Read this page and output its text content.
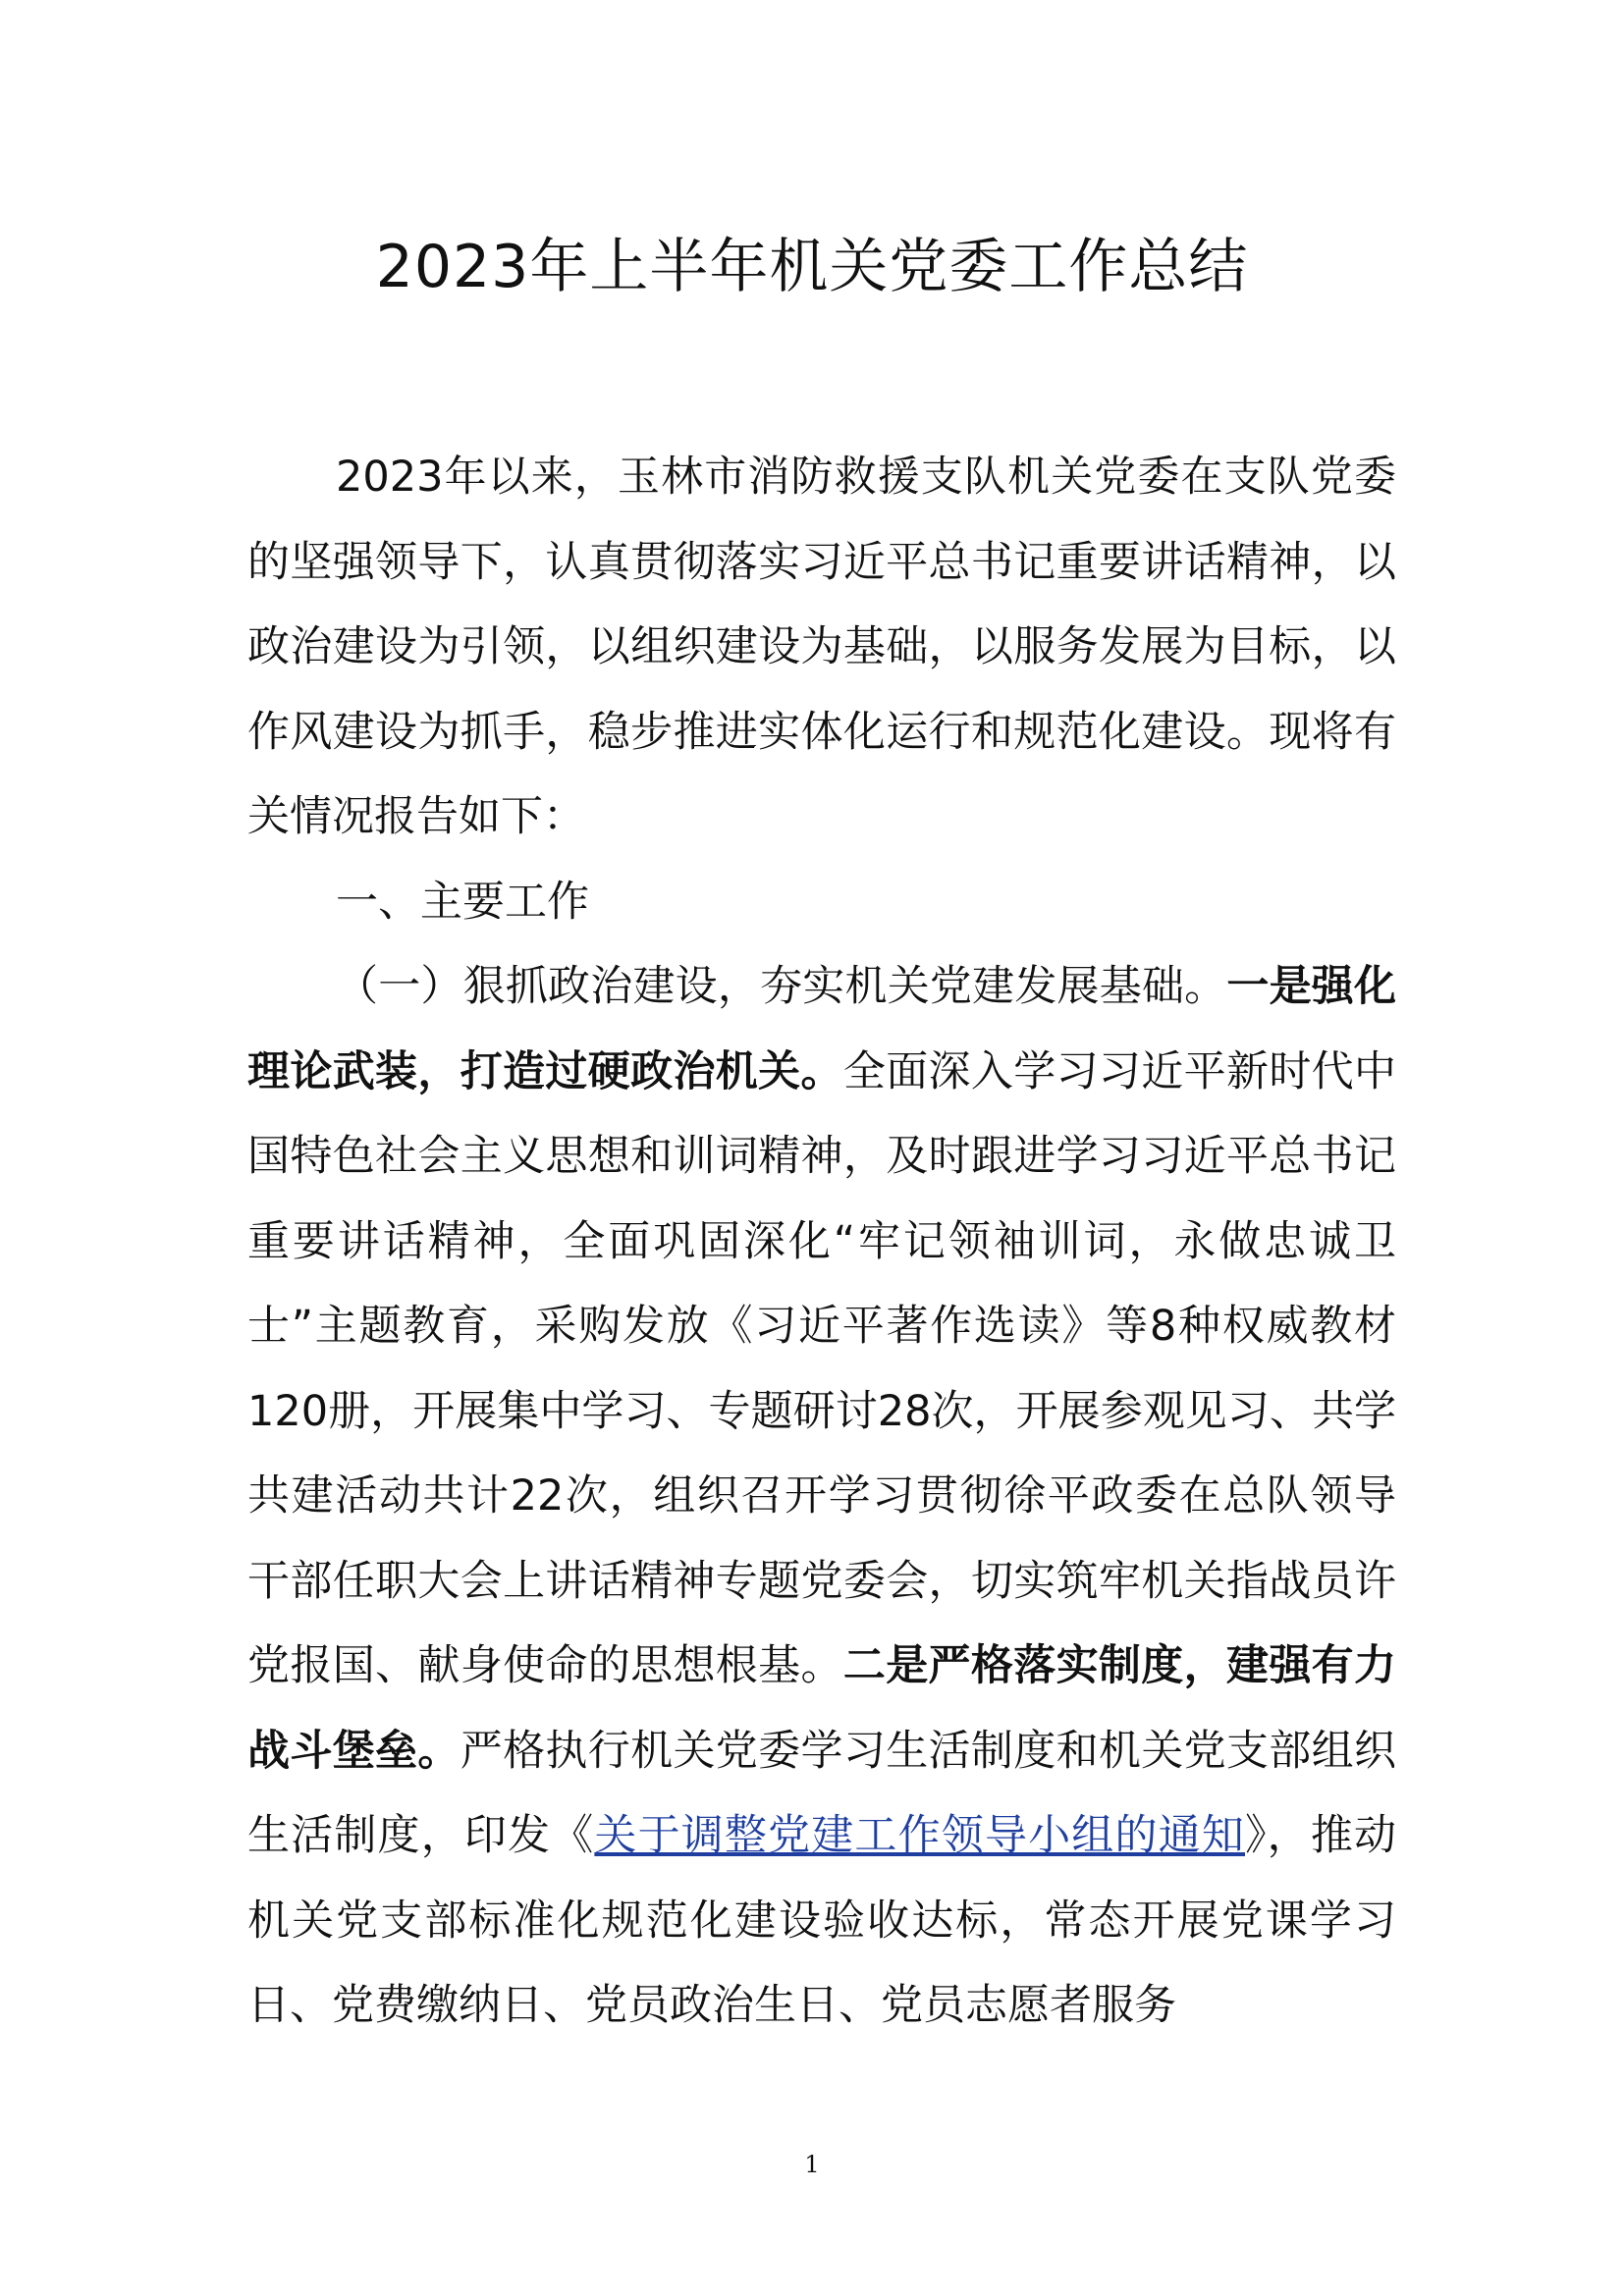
2023年上半年机关党委工作总结

2023年以来，玉林市消防救援支队机关党委在支队党委的坚强领导下，认真贯彻落实习近平总书记重要讲话精神，以政治建设为引领，以组织建设为基础，以服务发展为目标，以作风建设为抓手，稳步推进实体化运行和规范化建设。现将有关情况报告如下：

一、主要工作

（一）狠抓政治建设，夯实机关党建发展基础。一是强化理论武装，打造过硬政治机关。全面深入学习习近平新时代中国特色社会主义思想和训词精神，及时跟进学习习近平总书记重要讲话精神，全面巩固深化“牢记领袖训词，永做忠诚卫士”主题教育，采购发放《习近平著作选读》等8种权威教材120册，开展集中学习、专题研讨28次，开展参观见习、共学共建活动共计22次，组织召开学习贯彻徐平政委在总队领导干部任职大会上讲话精神专题党委会，切实筑牢机关指战员许党报国、献身使命的思想根基。二是严格落实制度，建强有力战斗堡垒。严格执行机关党委学习生活制度和机关党支部组织生活制度，印发《关于调整党建工作领导小组的通知》，推动机关党支部标准化规范化建设验收达标，常态开展党课学习日、党费缴纳日、党员政治生日、党员志愿者服务

1
